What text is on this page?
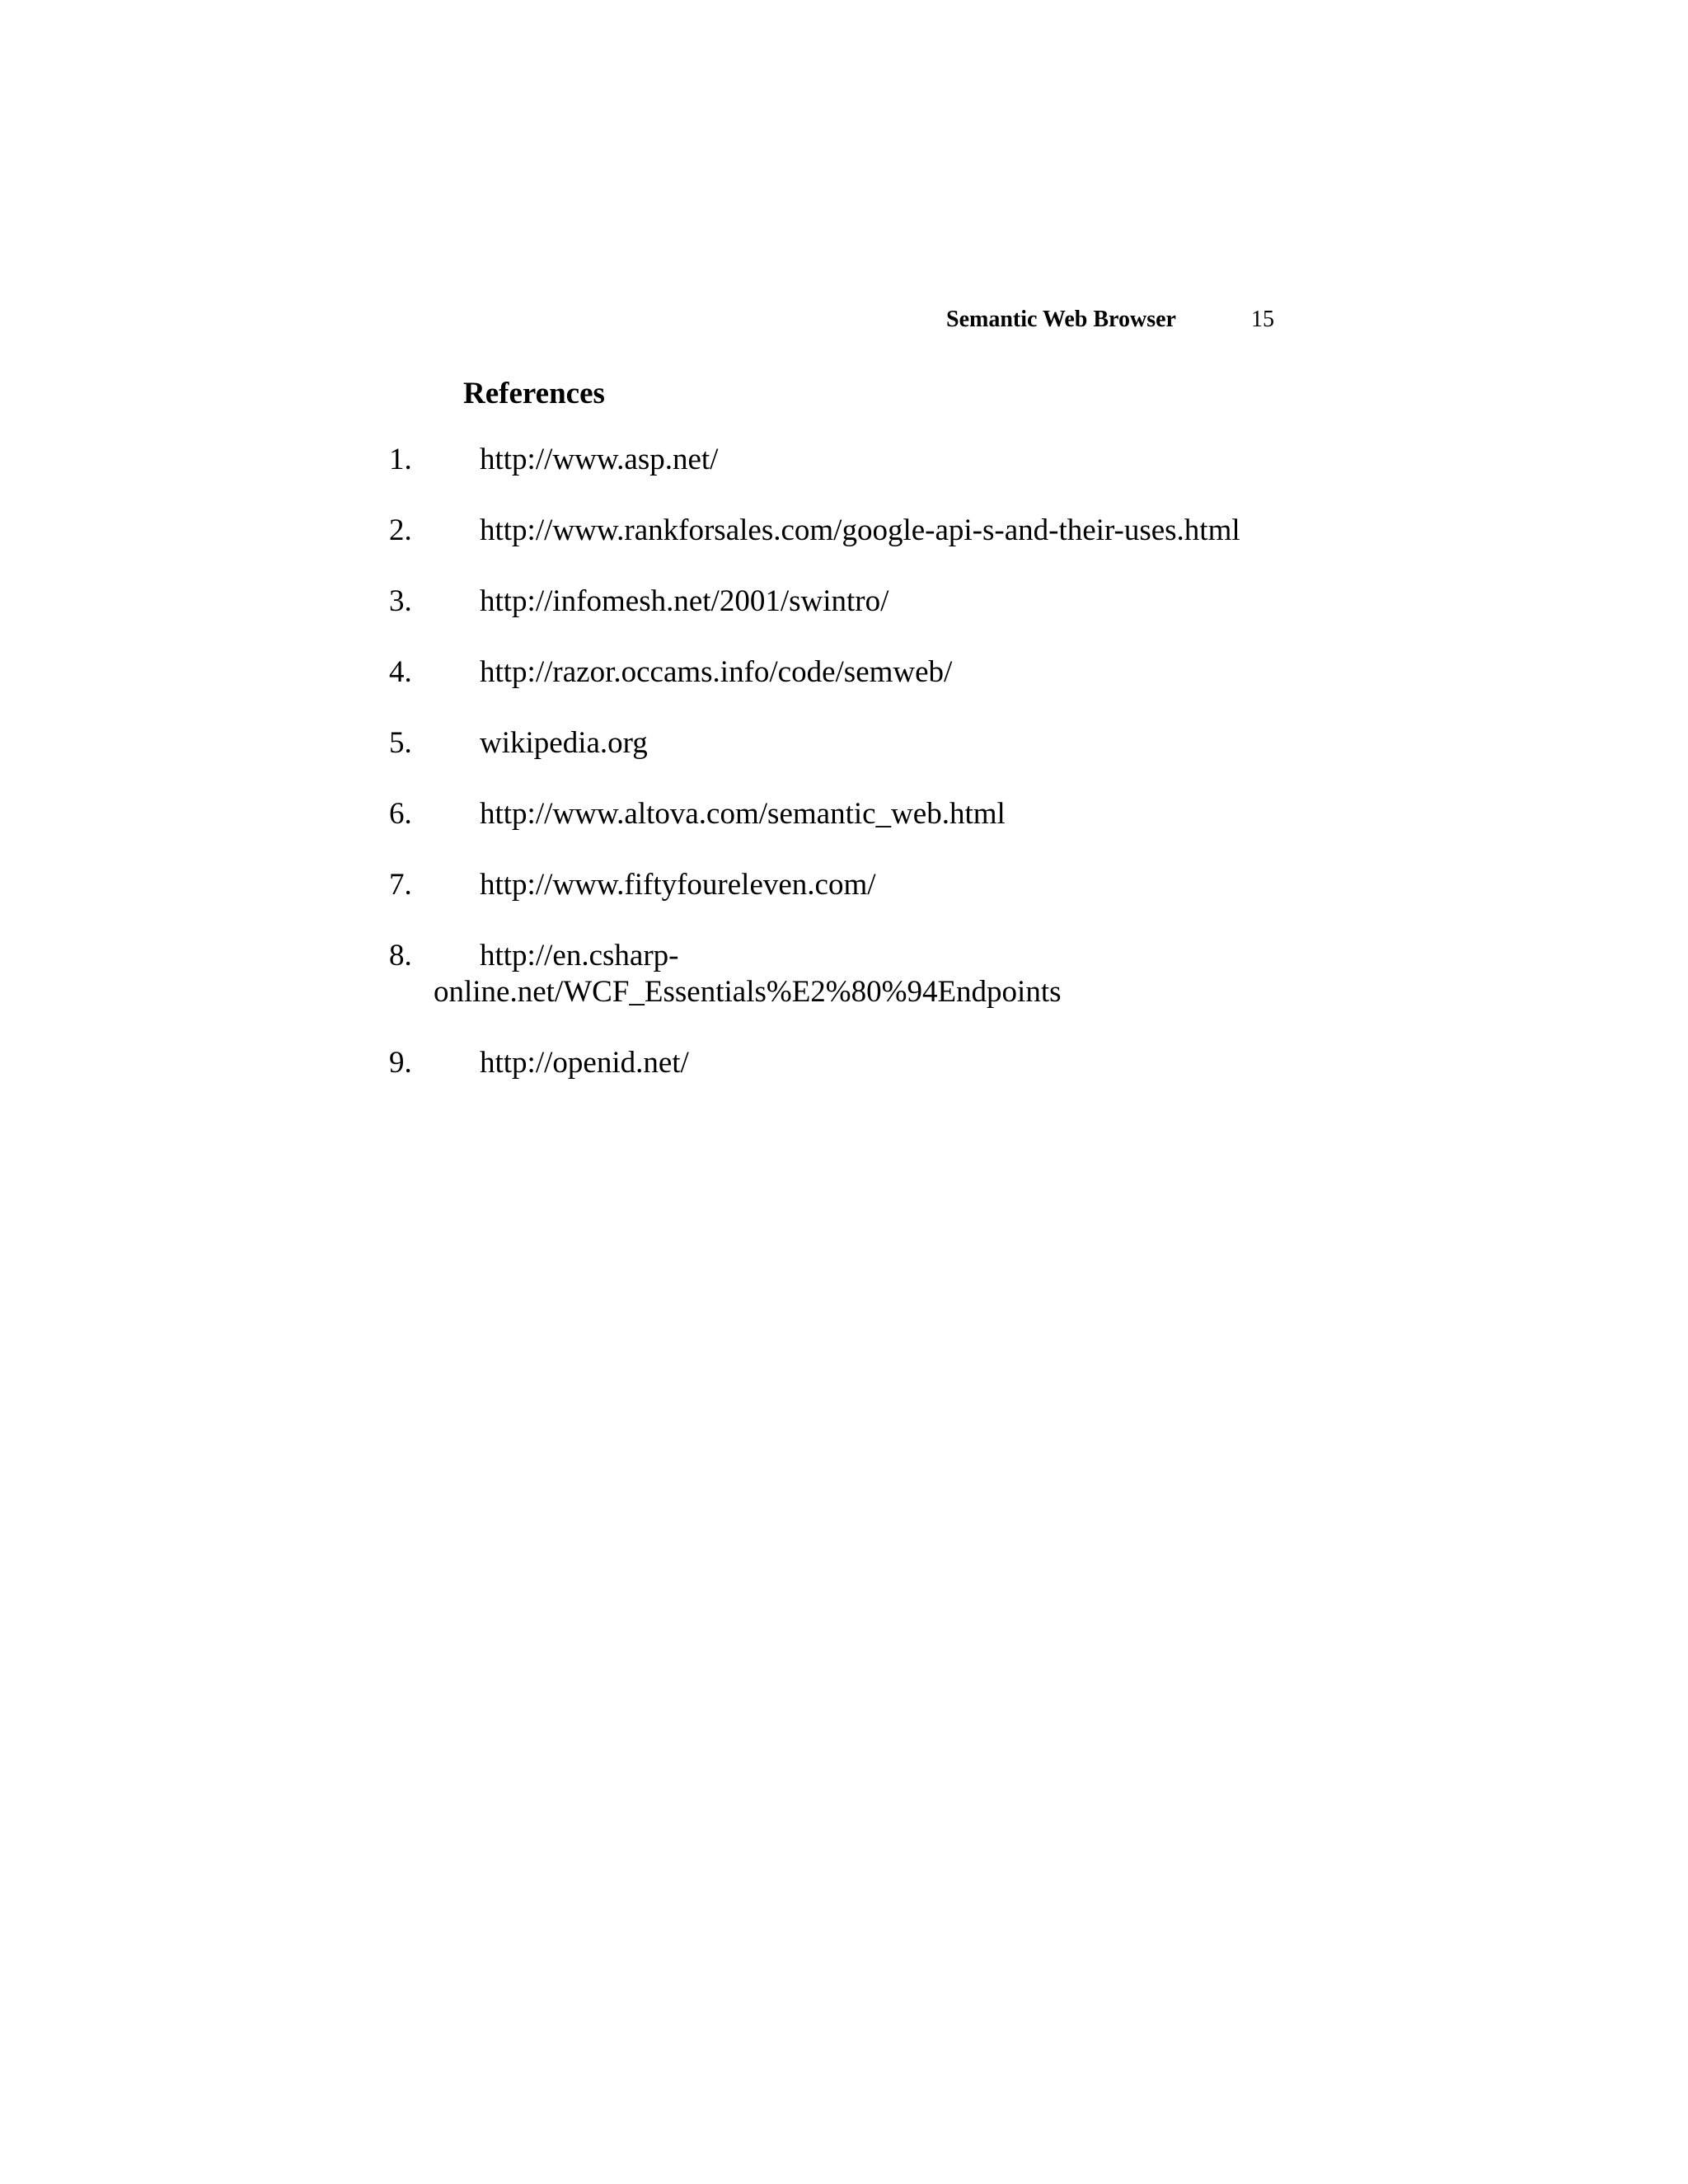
Semantic Web Browser	15
References
1. http://www.asp.net/
2. http://www.rankforsales.com/google-api-s-and-their-uses.html
3. http://infomesh.net/2001/swintro/
4. http://razor.occams.info/code/semweb/
5. wikipedia.org
6. http://www.altova.com/semantic_web.html
7. http://www.fiftyfoureleven.com/
8. http://en.csharp-
online.net/WCF_Essentials%E2%80%94Endpoints
9. http://openid.net/
